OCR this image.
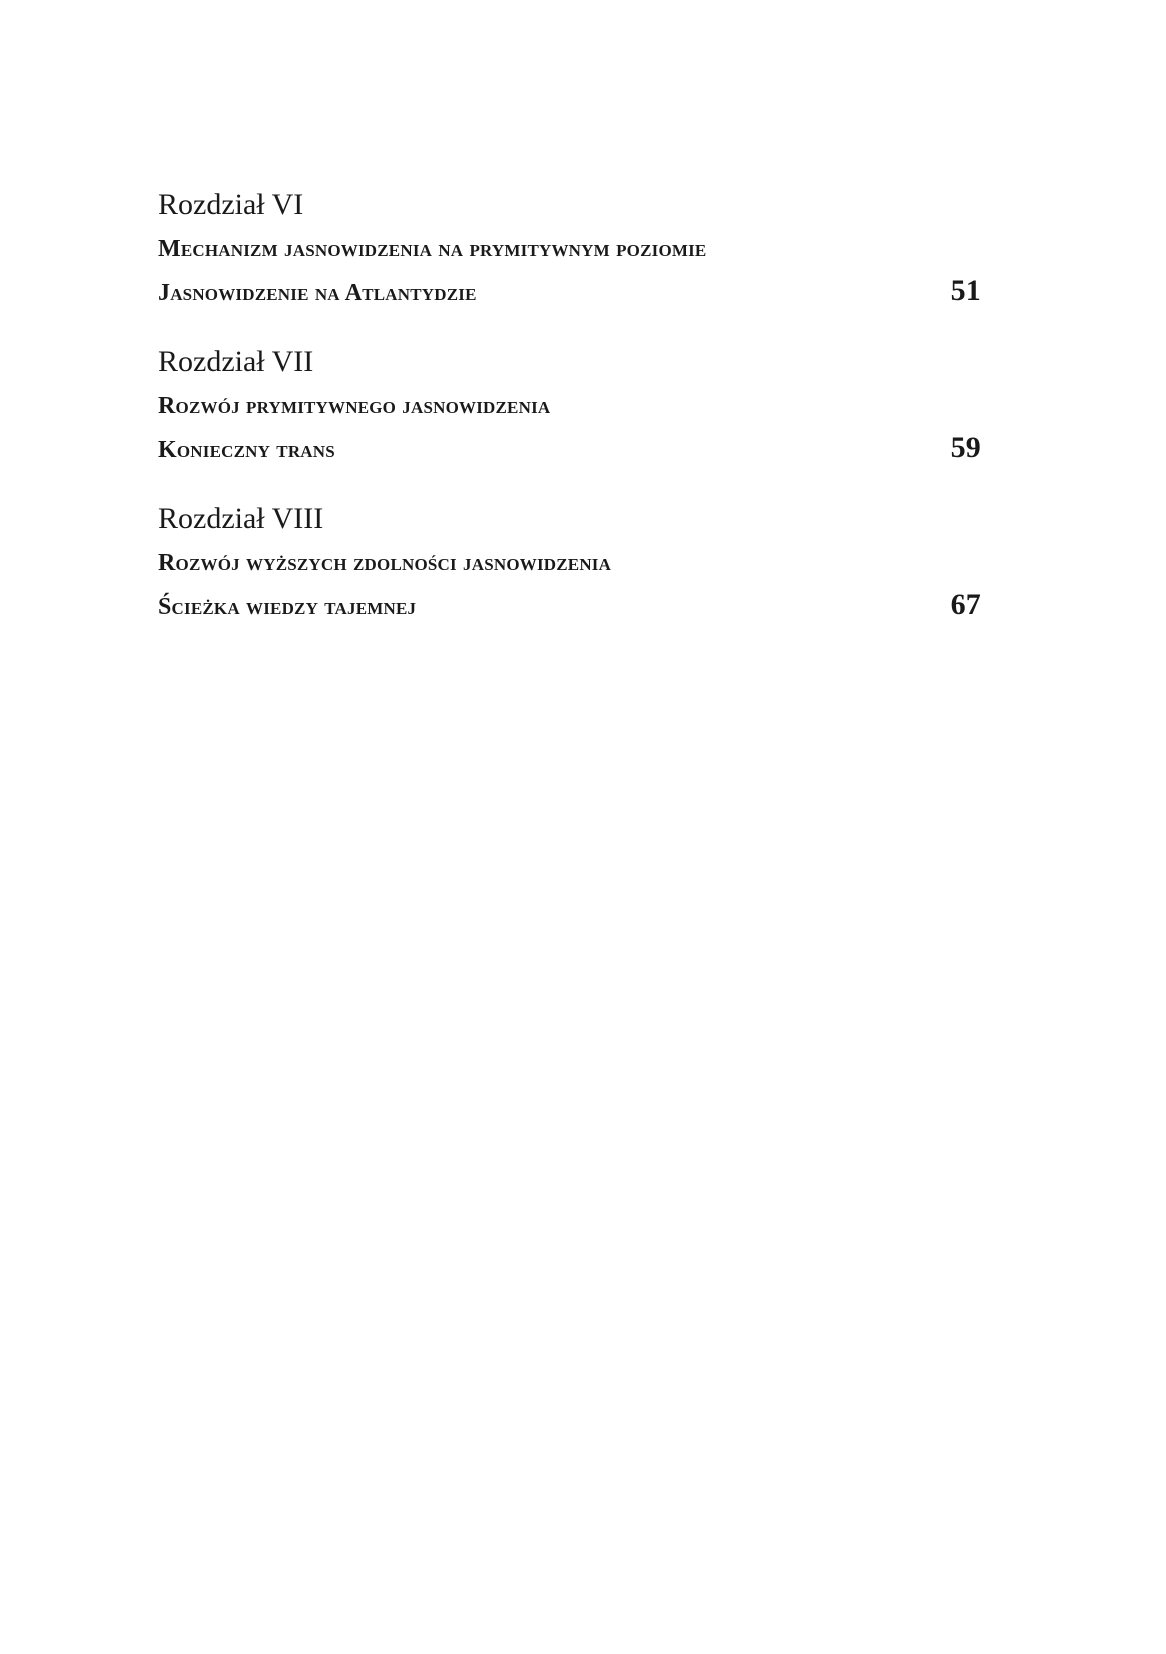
Rozdział VI
Mechanizm jasnowidzenia na prymitywnym poziomie
Jasnowidzenie na Atlantydzie	51
Rozdział VII
Rozwój prymitywnego jasnowidzenia
Konieczny trans	59
Rozdział VIII
Rozwój wyższych zdolności jasnowidzenia
Ścieżka wiedzy tajemnej	67
